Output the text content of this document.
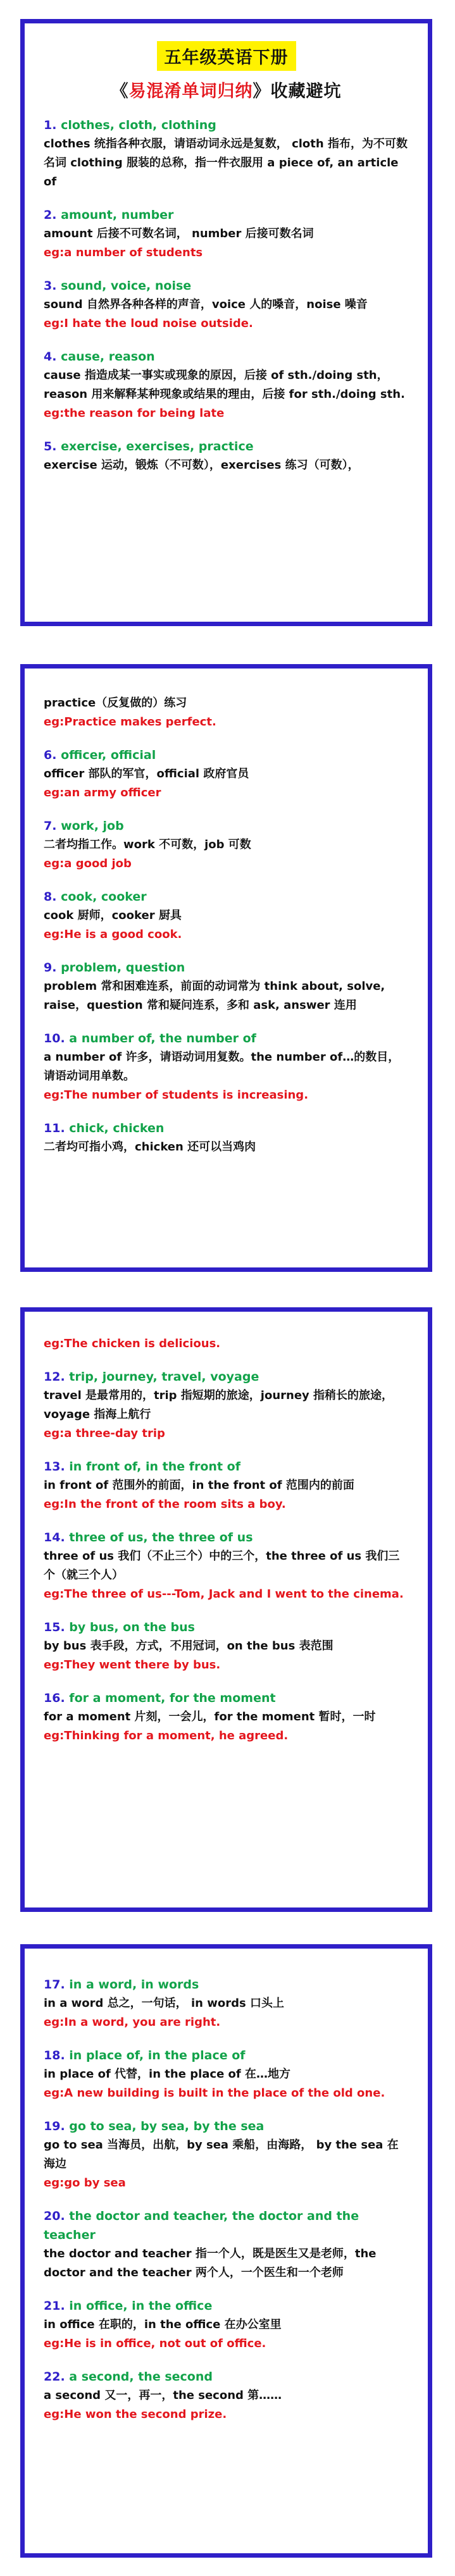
五年级英语下册
《易混淆单词归纳》收藏避坑
1. clothes, cloth, clothing
clothes 统指各种衣服，请语动词永远是复数， cloth 指布，为不可数名词 clothing 服装的总称，指一件衣服用 a piece of, an article of
2. amount, number
amount 后接不可数名词， number 后接可数名词
eg:a number of students
3. sound, voice, noise
sound 自然界各种各样的声音，voice 人的嗓音，noise 噪音
eg:I hate the loud noise outside.
4. cause, reason
cause 指造成某一事实或现象的原因，后接 of sth./doing sth，reason 用来解释某种现象或结果的理由，后接 for sth./doing sth.
eg:the reason for being late
5. exercise, exercises, practice
exercise 运动，锻炼（不可数），exercises 练习（可数），
practice（反复做的）练习
eg:Practice makes perfect.
6. officer, official
officer 部队的军官，official 政府官员
eg:an army officer
7. work, job
二者均指工作。work 不可数，job 可数
eg:a good job
8. cook, cooker
cook 厨师，cooker 厨具
eg:He is a good cook.
9. problem, question
problem 常和困难连系，前面的动词常为 think about, solve, raise，question 常和疑问连系，多和 ask, answer 连用
10. a number of, the number of
a number of 许多，请语动词用复数。the number of…的数目，请语动词用单数。
eg:The number of students is increasing.
11. chick, chicken
二者均可指小鸡，chicken 还可以当鸡肉
eg:The chicken is delicious.
12. trip, journey, travel, voyage
travel 是最常用的，trip 指短期的旅途，journey 指稍长的旅途，voyage 指海上航行
eg:a three-day trip
13. in front of, in the front of
in front of 范围外的前面，in the front of 范围内的前面
eg:In the front of the room sits a boy.
14. three of us, the three of us
three of us 我们（不止三个）中的三个，the three of us 我们三个（就三个人）
eg:The three of us---Tom, Jack and I went to the cinema.
15. by bus, on the bus
by bus 表手段，方式，不用冠词，on the bus 表范围
eg:They went there by bus.
16. for a moment, for the moment
for a moment 片刻，一会儿，for the moment 暂时，一时
eg:Thinking for a moment, he agreed.
17. in a word, in words
in a word 总之，一句话， in words 口头上
eg:In a word, you are right.
18. in place of, in the place of
in place of 代替，in the place of 在…地方
eg:A new building is built in the place of the old one.
19. go to sea, by sea, by the sea
go to sea 当海员，出航，by sea 乘船，由海路， by the sea 在海边
eg:go by sea
20. the doctor and teacher, the doctor and the teacher
the doctor and teacher 指一个人，既是医生又是老师，the doctor and the teacher 两个人，一个医生和一个老师
21. in office, in the office
in office 在职的，in the office 在办公室里
eg:He is in office, not out of office.
22. a second, the second
a second 又一，再一，the second 第……
eg:He won the second prize.
